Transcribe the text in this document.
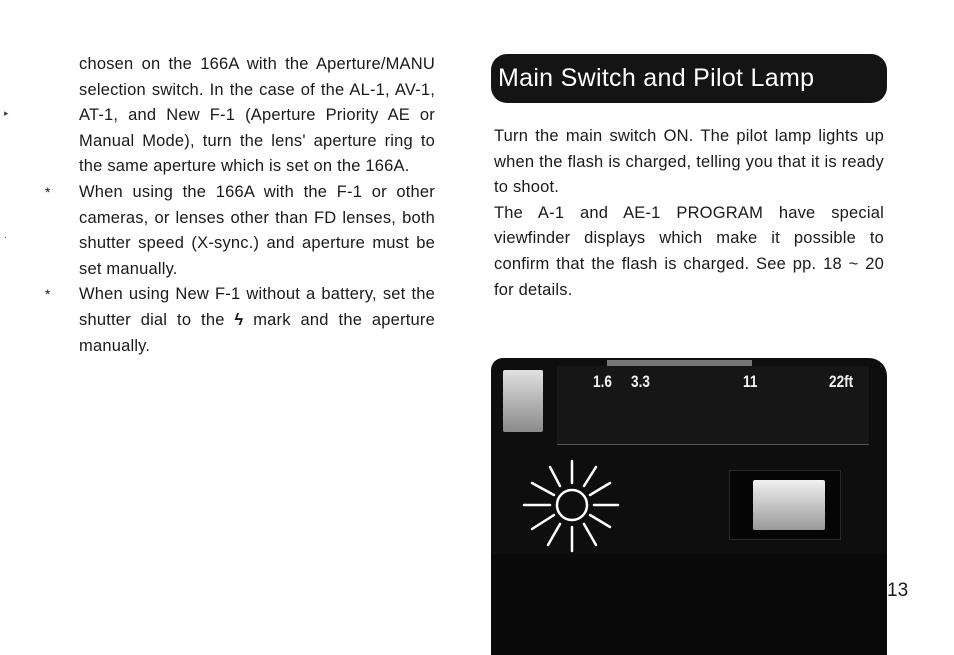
▸
·

chosen on the 166A with the Aperture/MANU selection switch. In the case of the AL-1, AV-1, AT-1, and New F-1 (Aperture Priority AE or Manual Mode), turn the lens' aperture ring to the same aperture which is set on the 166A.

* When using the 166A with the F-1 or other cameras, or lenses other than FD lenses, both shutter speed (X-sync.) and aperture must be set manually.
* When using New F-1 without a battery, set the shutter dial to the ϟ mark and the aperture manually.
Main Switch and Pilot Lamp

Turn the main switch ON. The pilot lamp lights up when the flash is charged, telling you that it is ready to shoot.

The A-1 and AE-1 PROGRAM have special viewfinder displays which make it possible to confirm that the flash is charged. See pp. 18 ~ 20 for details.

1.6 3.3	11	22ft
13
